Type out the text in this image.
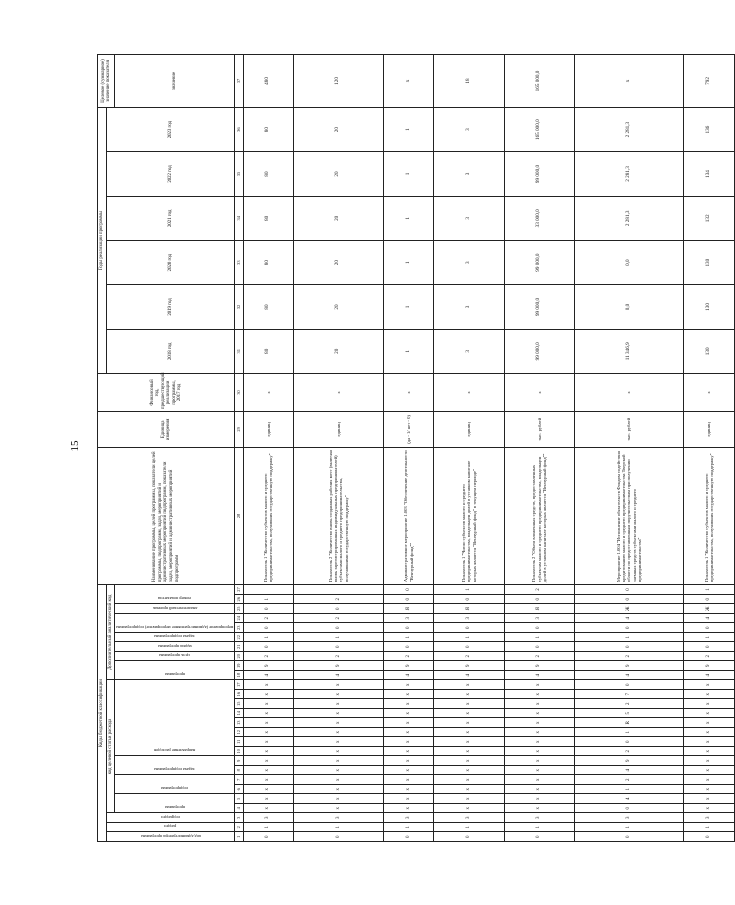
15
Коды бюджетной классификации																											Наименование программы, целей программы, показатели целей программы, подпрограмм, задач, мероприятий и административных мероприятий подпрограмм, показатели задач, мероприятий и административных мероприятий подпрограмм	Единица измерения	Финансовый год, предшествующий реализации программы, 2017 год	Годы реализации программы						Целевое (суммарное) значение показателя

код администратора программы	раздел	подраздел	код целевой статьи расхода														Дополнительный аналитический код													2018 год	2019 год	2020 год	2021 год	2022 год	2023 год	

			программа		подпрограмма		задача подпрограммы		направление расходов								программа		цель программы	задача программы	задача подпрограммы	мероприятие (административное мероприятие) подпрограммы		аналитический признак	номер показателя											

																																				значение
1	2	3	4	5	6	7	8	9	10	11	12	13	14	15	16	17	18	19	20	21	22	23	24	25	26	27	28	29	30	31	32	33	34	35	36	37
0	1	3	х	х	х	х	х	х	х	х	х	х	х	х	х	х	4	9	2	0	1	0	2	0	1		Показатель 1 "Количество субъектов малого и среднего предпринимательства, получивших государственную поддержку"	единиц	х	80	80	80	80	80	80	480
0	1	3	х	х	х	х	х	х	х	х	х	х	х	х	х	х	4	9	2	0	1	0	2	0	2		Показатель 2 "Количество вновь созданных рабочих мест (включая вновь зарегистрированных индивидуальных предпринимателей) субъектами малого и среднего предпринимательства, получившими государственную поддержку"	единиц	х	20	20	20	20	20	20	120
0	1	3	х	х	х	х	х	х	х	х	х	х	х	х	х	х	4	9	2	0	1	0	3	Я	0	0	Административное мероприятие 1.003 "Обеспечение деятельности "Венчурный фонд""	(да - 1/ нет - 0)	х	1	1	1	1	1	1	х
0	1	3	х	х	х	х	х	х	х	х	х	х	х	х	х	х	4	9	2	0	1	0	3	Я	0	1	Показатель 1 "Число субъектов малого и среднего предпринимательства, владельцем долей в уставном капитале которых является "Венчурный фонд" в текущем периоде"	единиц	х	3	3	3	3	3	3	18
0	1	3	х	х	х	х	х	х	х	х	х	х	х	х	х	х	4	9	2	0	1	0	3	Я	0	2	Показатель 2 "Объем вложенных средств, предоставленных субъектам малого и среднего предпринимательства, владельцем долей в уставном капитале которых является "Венчурный фонд""	тыс. рублей	х	99 000,0	99 000,0	99 000,0	33 000,0	99 000,0	165 000,0	165 000,0
0	1	3	0	4	1	2	4	9	2	0	1	R	5	2	7	0	4	9	2	0	1	0	4	Ж	0	0	Мероприятие 1.004 "Исполнение обязательств Фондом содействия кредитованию малого и среднего предпринимательства Тверской области по предоставленным поручительствам при получении заемных средств субъектами малого и среднего предпринимательства"	тыс. рублей	х	11 346,9	0,0	0,0	2 281,3	2 281,3	2 281,3	х
0	1	3	х	х	х	х	х	х	х	х	х	х	х	х	х	х	4	9	2	0	1	0	4	Ж	0	1	Показатель 1 "Количество субъектов малого и среднего предпринимательства, получивших государственную поддержку"	единиц	х	130	130	130	132	134	136	792
